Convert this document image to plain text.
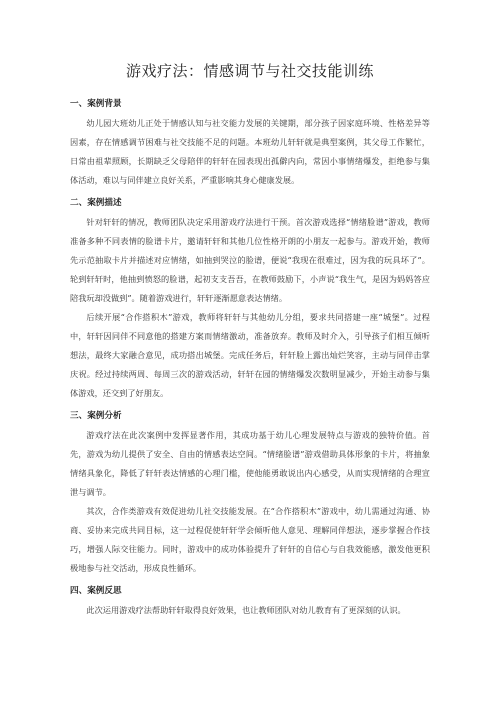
游戏疗法：情感调节与社交技能训练
一、案例背景

幼儿园大班幼儿正处于情感认知与社交能力发展的关键期，部分孩子因家庭环境、性格差异等因素，存在情感调节困难与社交技能不足的问题。本班幼儿轩轩就是典型案例，其父母工作繁忙，日常由祖辈照顾，长期缺乏父母陪伴的轩轩在园表现出孤僻内向，常因小事情绪爆发，拒绝参与集体活动，难以与同伴建立良好关系，严重影响其身心健康发展。

二、案例描述

针对轩轩的情况，教师团队决定采用游戏疗法进行干预。首次游戏选择“情绪脸谱”游戏，教师准备多种不同表情的脸谱卡片，邀请轩轩和其他几位性格开朗的小朋友一起参与。游戏开始，教师先示范抽取卡片并描述对应情绪，如抽到哭泣的脸谱，便说“我现在很难过，因为我的玩具坏了”。轮到轩轩时，他抽到愤怒的脸谱，起初支支吾吾，在教师鼓励下，小声说“我生气，是因为妈妈答应陪我玩却没做到”。随着游戏进行，轩轩逐渐愿意表达情绪。

后续开展“合作搭积木”游戏，教师将轩轩与其他幼儿分组，要求共同搭建一座“城堡”。过程中，轩轩因同伴不同意他的搭建方案而情绪激动，准备放弃。教师及时介入，引导孩子们相互倾听想法，最终大家融合意见，成功搭出城堡。完成任务后，轩轩脸上露出灿烂笑容，主动与同伴击掌庆祝。经过持续两周、每周三次的游戏活动，轩轩在园的情绪爆发次数明显减少，开始主动参与集体游戏，还交到了好朋友。

三、案例分析

游戏疗法在此次案例中发挥显著作用，其成功基于幼儿心理发展特点与游戏的独特价值。首先，游戏为幼儿提供了安全、自由的情感表达空间。“情绪脸谱”游戏借助具体形象的卡片，将抽象情绪具象化，降低了轩轩表达情感的心理门槛，使他能勇敢说出内心感受，从而实现情绪的合理宣泄与调节。

其次，合作类游戏有效促进幼儿社交技能发展。在“合作搭积木”游戏中，幼儿需通过沟通、协商、妥协来完成共同目标，这一过程促使轩轩学会倾听他人意见、理解同伴想法，逐步掌握合作技巧，增强人际交往能力。同时，游戏中的成功体验提升了轩轩的自信心与自我效能感，激发他更积极地参与社交活动，形成良性循环。

四、案例反思

此次运用游戏疗法帮助轩轩取得良好效果，也让教师团队对幼儿教育有了更深刻的认识。
